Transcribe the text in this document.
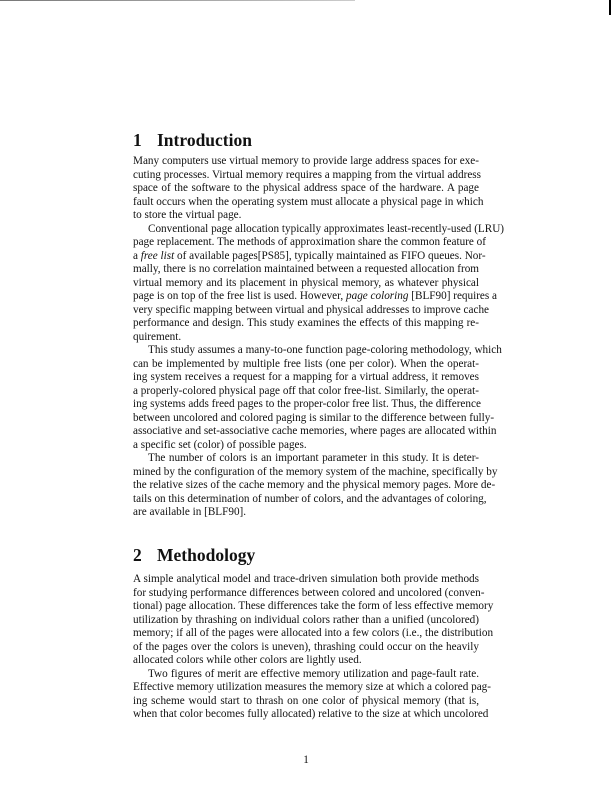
1 Introduction
Many computers use virtual memory to provide large address spaces for exe-
cuting processes. Virtual memory requires a mapping from the virtual address
space of the software to the physical address space of the hardware. A page
fault occurs when the operating system must allocate a physical page in which
to store the virtual page.
Conventional page allocation typically approximates least-recently-used (LRU)
page replacement. The methods of approximation share the common feature of
a free list of available pages[PS85], typically maintained as FIFO queues. Nor-
mally, there is no correlation maintained between a requested allocation from
virtual memory and its placement in physical memory, as whatever physical
page is on top of the free list is used. However, page coloring [BLF90] requires a
very specific mapping between virtual and physical addresses to improve cache
performance and design. This study examines the effects of this mapping re-
quirement.
This study assumes a many-to-one function page-coloring methodology, which
can be implemented by multiple free lists (one per color). When the operat-
ing system receives a request for a mapping for a virtual address, it removes
a properly-colored physical page off that color free-list. Similarly, the operat-
ing systems adds freed pages to the proper-color free list. Thus, the difference
between uncolored and colored paging is similar to the difference between fully-
associative and set-associative cache memories, where pages are allocated within
a specific set (color) of possible pages.
The number of colors is an important parameter in this study. It is deter-
mined by the configuration of the memory system of the machine, specifically by
the relative sizes of the cache memory and the physical memory pages. More de-
tails on this determination of number of colors, and the advantages of coloring,
are available in [BLF90].
2 Methodology
A simple analytical model and trace-driven simulation both provide methods
for studying performance differences between colored and uncolored (conven-
tional) page allocation. These differences take the form of less effective memory
utilization by thrashing on individual colors rather than a unified (uncolored)
memory; if all of the pages were allocated into a few colors (i.e., the distribution
of the pages over the colors is uneven), thrashing could occur on the heavily
allocated colors while other colors are lightly used.
Two figures of merit are effective memory utilization and page-fault rate.
Effective memory utilization measures the memory size at which a colored pag-
ing scheme would start to thrash on one color of physical memory (that is,
when that color becomes fully allocated) relative to the size at which uncolored
1
